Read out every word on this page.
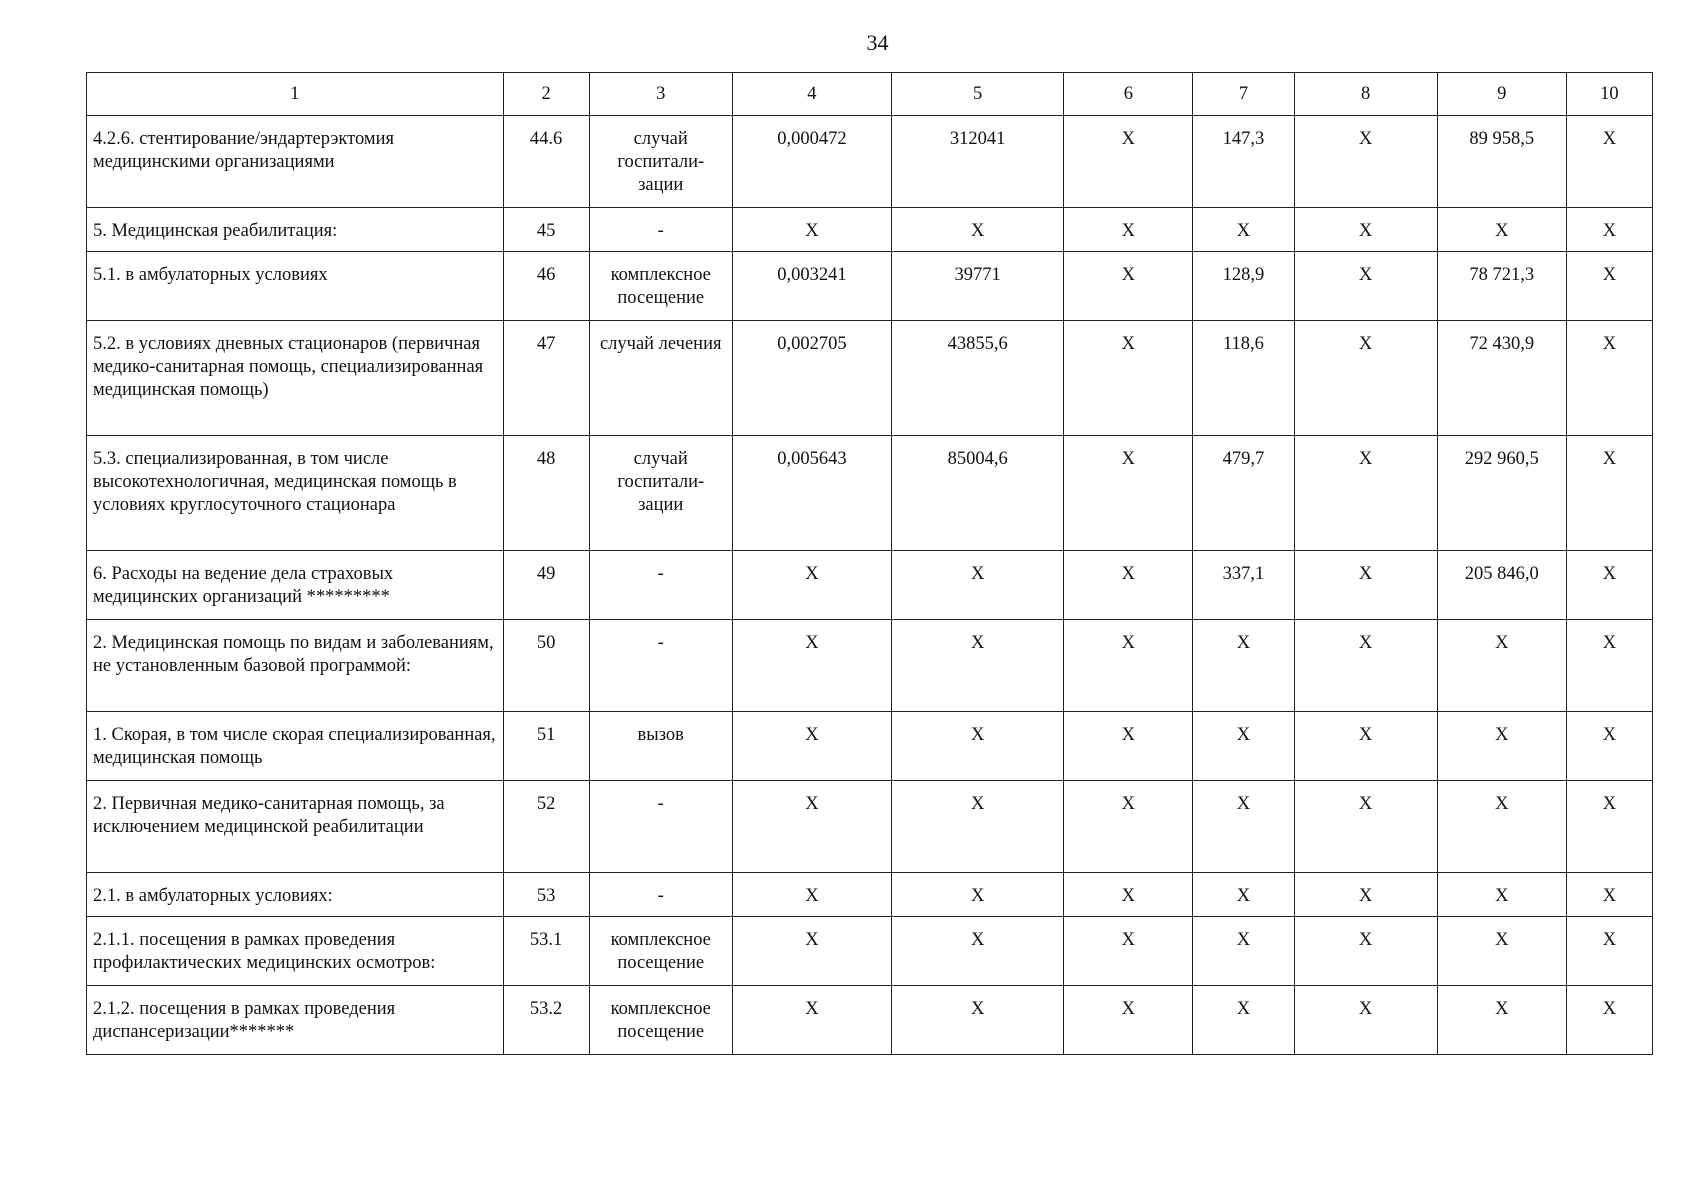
34
1	2	3	4	5	6	7	8	9	10
4.2.6. стентирование/эндартерэктомия медицинскими организациями	44.6	случай госпитали-зации	0,000472	312041	Х	147,3	Х	89 958,5	Х
5. Медицинская реабилитация:	45	-	Х	Х	Х	Х	Х	Х	Х
5.1. в амбулаторных условиях	46	комплексное посещение	0,003241	39771	Х	128,9	Х	78 721,3	Х
5.2. в условиях дневных стационаров (первичная медико-санитарная помощь, специализированная медицинская помощь)	47	случай лечения	0,002705	43855,6	Х	118,6	Х	72 430,9	Х
5.3. специализированная, в том числе высокотехнологичная, медицинская помощь в условиях круглосуточного стационара	48	случай госпитали-зации	0,005643	85004,6	Х	479,7	Х	292 960,5	Х
6. Расходы на ведение дела страховых медицинских организаций *********	49	-	Х	Х	Х	337,1	Х	205 846,0	Х
2. Медицинская помощь по видам и заболеваниям, не установленным базовой программой:	50	-	Х	Х	Х	Х	Х	Х	Х
1. Скорая, в том числе скорая специализированная, медицинская помощь	51	вызов	Х	Х	Х	Х	Х	Х	Х
2. Первичная медико-санитарная помощь, за исключением медицинской реабилитации	52	-	Х	Х	Х	Х	Х	Х	Х
2.1. в амбулаторных условиях:	53	-	Х	Х	Х	Х	Х	Х	Х
2.1.1. посещения в рамках проведения профилактических медицинских осмотров:	53.1	комплексное посещение	Х	Х	Х	Х	Х	Х	Х
2.1.2. посещения в рамках проведения диспансеризации*******	53.2	комплексное посещение	Х	Х	Х	Х	Х	Х	Х
